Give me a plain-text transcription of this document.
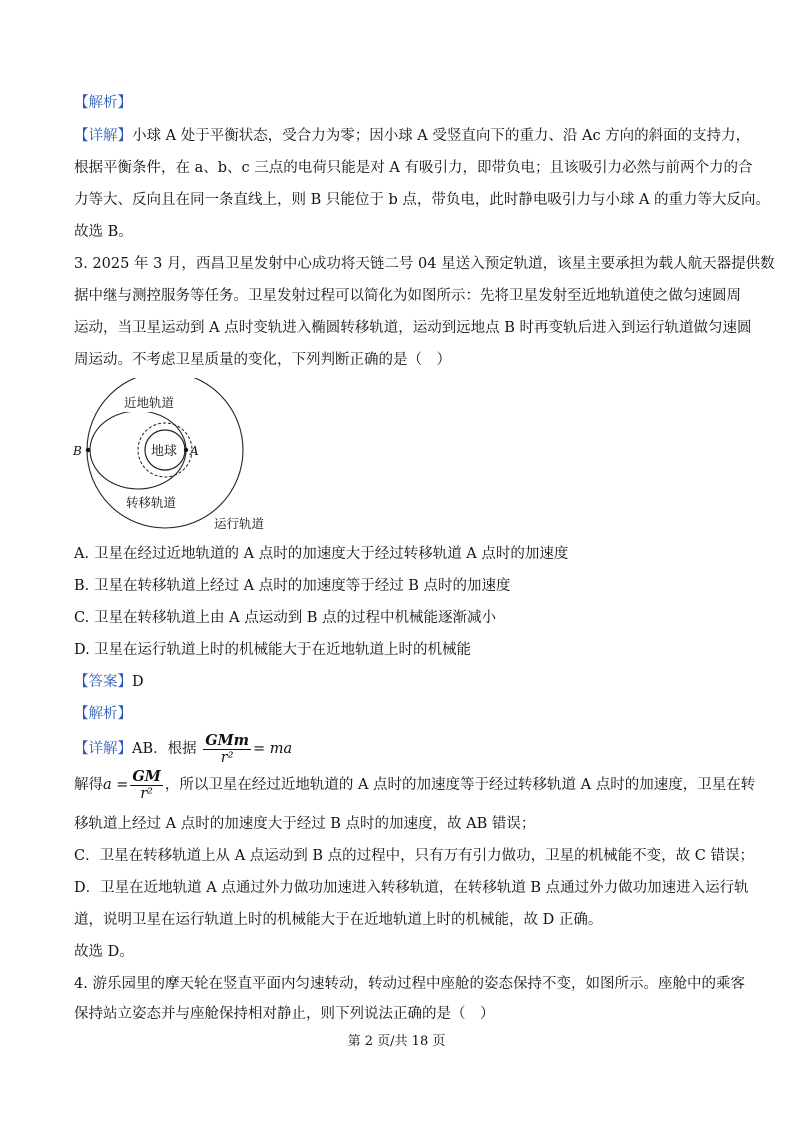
【解析】
【详解】小球 A 处于平衡状态，受合力为零；因小球 A 受竖直向下的重力、沿 Ac 方向的斜面的支持力，
根据平衡条件，在 a、b、c 三点的电荷只能是对 A 有吸引力，即带负电；且该吸引力必然与前两个力的合
力等大、反向且在同一条直线上，则 B 只能位于 b 点，带负电，此时静电吸引力与小球 A 的重力等大反向。
故选 B。
3. 2025 年 3 月，西昌卫星发射中心成功将天链二号 04 星送入预定轨道，该星主要承担为载人航天器提供数
据中继与测控服务等任务。卫星发射过程可以简化为如图所示：先将卫星发射至近地轨道使之做匀速圆周
运动，当卫星运动到 A 点时变轨进入椭圆转移轨道，运动到远地点 B 时再变轨后进入到运行轨道做匀速圆
周运动。不考虑卫星质量的变化，下列判断正确的是（　）
近地轨道
地球 A
B
转移轨道
运行轨道
A. 卫星在经过近地轨道的 A 点时的加速度大于经过转移轨道 A 点时的加速度
B. 卫星在转移轨道上经过 A 点时的加速度等于经过 B 点时的加速度
C. 卫星在转移轨道上由 A 点运动到 B 点的过程中机械能逐渐减小
D. 卫星在运行轨道上时的机械能大于在近地轨道上时的机械能
【答案】D
【解析】
【详解】AB．根据 $\frac{\text{GMm}}{\text{r²}}$ = ma
解得$a = \frac{GM}{\text{r²}}$ ，所以卫星在经过近地轨道的 A 点时的加速度等于经过转移轨道 A 点时的加速度，卫星在转
移轨道上经过 A 点时的加速度大于经过 B 点时的加速度，故 AB 错误；
C．卫星在转移轨道上从 A 点运动到 B 点的过程中，只有万有引力做功，卫星的机械能不变，故 C 错误；
D．卫星在近地轨道 A 点通过外力做功加速进入转移轨道，在转移轨道 B 点通过外力做功加速进入运行轨
道，说明卫星在运行轨道上时的机械能大于在近地轨道上时的机械能，故 D 正确。
故选 D。
4. 游乐园里的摩天轮在竖直平面内匀速转动，转动过程中座舱的姿态保持不变，如图所示。座舱中的乘客
保持站立姿态并与座舱保持相对静止，则下列说法正确的是（　）
第 2 页/共 18 页
